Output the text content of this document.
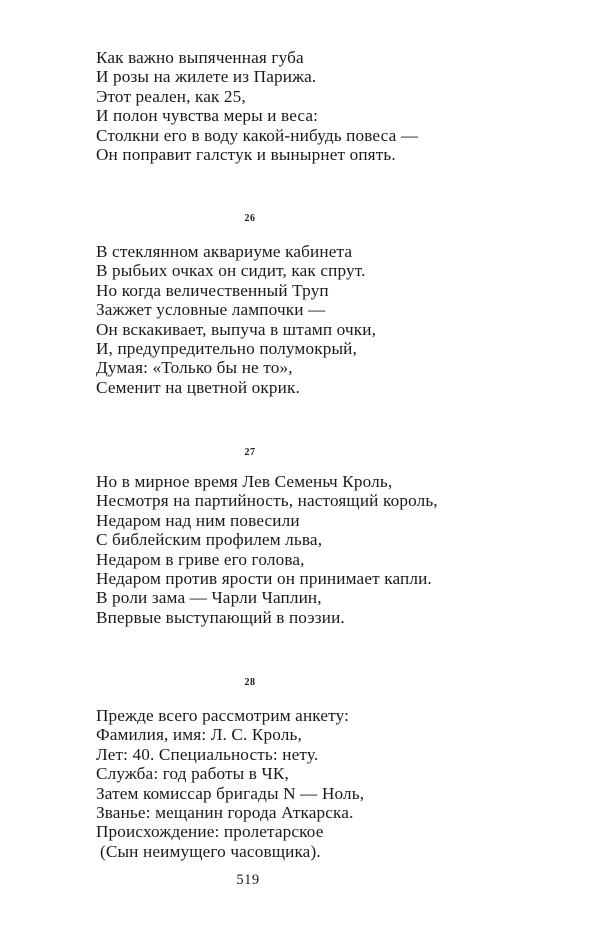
Как важно выпяченная губа
И розы на жилете из Парижа.
Этот реален, как 25,
И полон чувства меры и веса:
Столкни его в воду какой-нибудь повеса —
Он поправит галстук и вынырнет опять.
26
В стеклянном аквариуме кабинета
В рыбьих очках он сидит, как спрут.
Но когда величественный Труп
Зажжет условные лампочки —
Он вскакивает, выпуча в штамп очки,
И, предупредительно полумокрый,
Думая: «Только бы не то»,
Семенит на цветной окрик.
27
Но в мирное время Лев Семеньч Кроль,
Несмотря на партийность, настоящий король,
Недаром над ним повесили
С библейским профилем льва,
Недаром в гриве его голова,
Недаром против ярости он принимает капли.
В роли зама — Чарли Чаплин,
Впервые выступающий в поэзии.
28
Прежде всего рассмотрим анкету:
Фамилия, имя: Л. С. Кроль,
Лет: 40. Специальность: нету.
Служба: год работы в ЧК,
Затем комиссар бригады N — Ноль,
Званье: мещанин города Аткарска.
Происхождение: пролетарское
(Сын неимущего часовщика).
519
